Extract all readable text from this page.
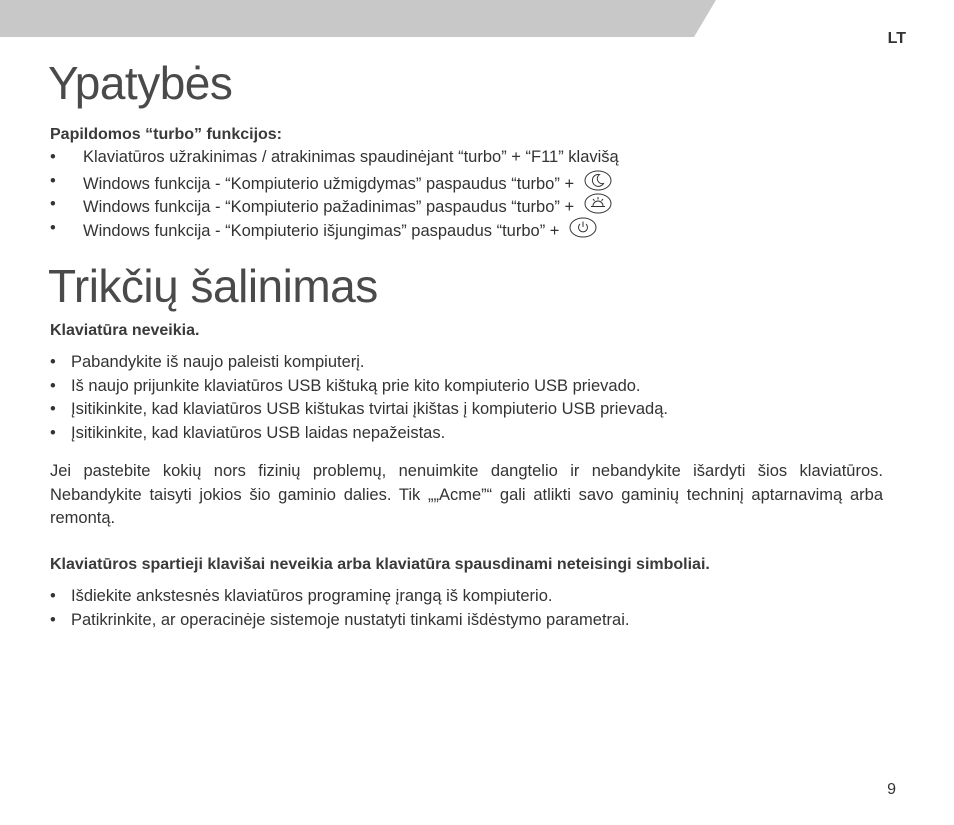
LT
Ypatybės

Papildomos “turbo” funkcijos:

• Klaviatūros užrakinimas / atrakinimas spaudinėjant “turbo” + “F11” klavišą
• Windows funkcija - “Kompiuterio užmigdymas” paspaudus “turbo” +
• Windows funkcija - “Kompiuterio pažadinimas” paspaudus “turbo” +
• Windows funkcija - “Kompiuterio išjungimas” paspaudus “turbo” +
Trikčių šalinimas

Klaviatūra neveikia.

• Pabandykite iš naujo paleisti kompiuterį.
• Iš naujo prijunkite klaviatūros USB kištuką prie kito kompiuterio USB prievado.
• Įsitikinkite, kad klaviatūros USB kištukas tvirtai įkištas į kompiuterio USB prievadą.
• Įsitikinkite, kad klaviatūros USB laidas nepažeistas.

Jei pastebite kokių nors fizinių problemų, nenuimkite dangtelio ir nebandykite išardyti šios klaviatūros. Nebandykite taisyti jokios šio gaminio dalies. Tik „„Acme”“ gali atlikti savo gaminių techninį aptarnavimą arba remontą.

Klaviatūros spartieji klavišai neveikia arba klaviatūra spausdinami neteisingi simboliai.

• Išdiekite ankstesnės klaviatūros programinę įrangą iš kompiuterio.
• Patikrinkite, ar operacinėje sistemoje nustatyti tinkami išdėstymo parametrai.
9
